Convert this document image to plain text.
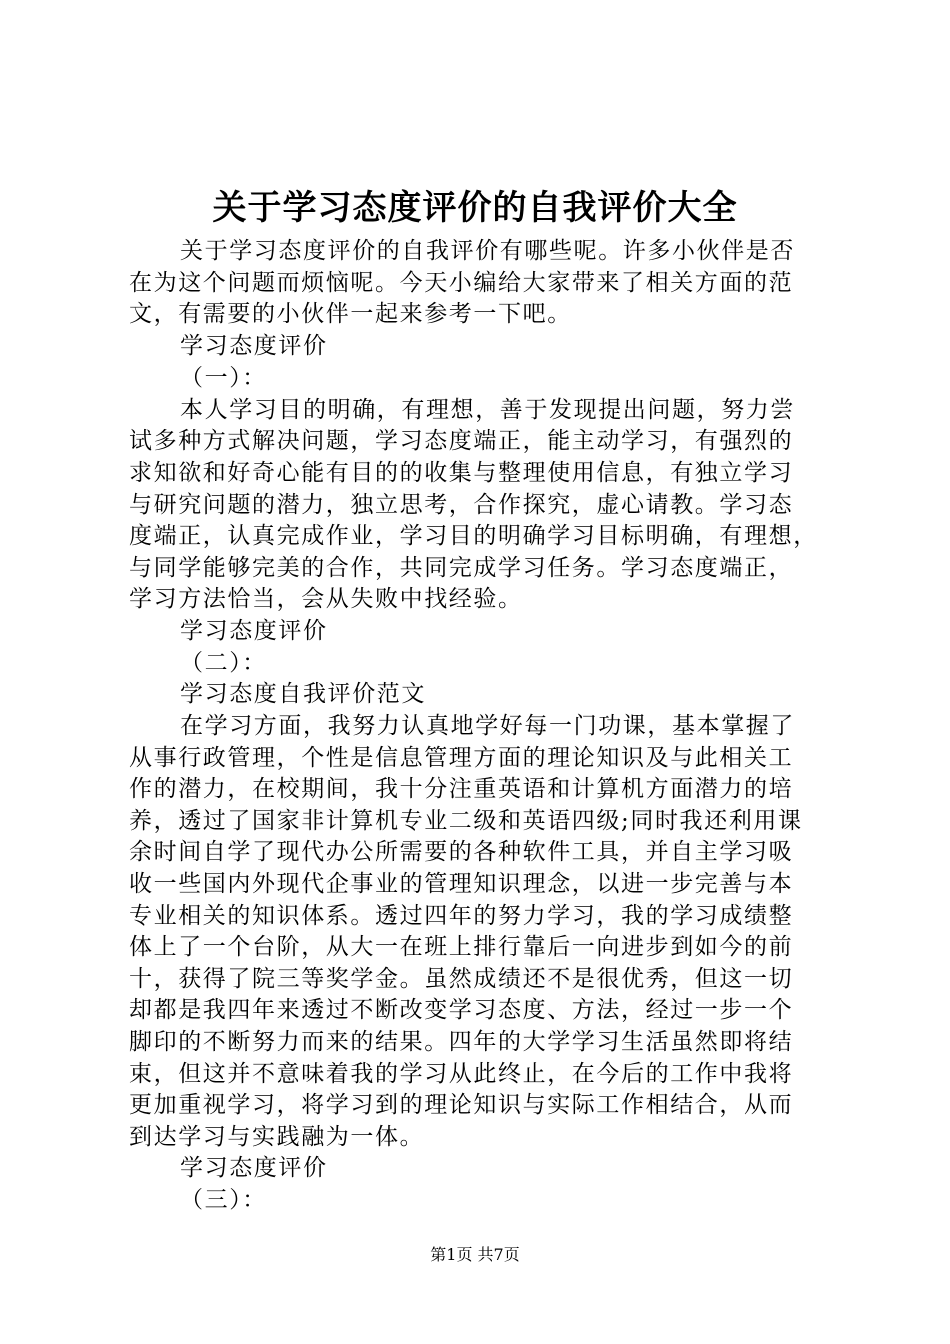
关于学习态度评价的自我评价大全
关于学习态度评价的自我评价有哪些呢。许多小伙伴是否
在为这个问题而烦恼呢。今天小编给大家带来了相关方面的范
文，有需要的小伙伴一起来参考一下吧。
学习态度评价
（一）：
本人学习目的明确，有理想，善于发现提出问题，努力尝
试多种方式解决问题，学习态度端正，能主动学习，有强烈的
求知欲和好奇心能有目的的收集与整理使用信息，有独立学习
与研究问题的潜力，独立思考，合作探究，虚心请教。学习态
度端正，认真完成作业，学习目的明确学习目标明确，有理想，
与同学能够完美的合作，共同完成学习任务。学习态度端正，
学习方法恰当，会从失败中找经验。
学习态度评价
（二）：
学习态度自我评价范文
在学习方面，我努力认真地学好每一门功课，基本掌握了
从事行政管理，个性是信息管理方面的理论知识及与此相关工
作的潜力，在校期间，我十分注重英语和计算机方面潜力的培
养，透过了国家非计算机专业二级和英语四级;同时我还利用课
余时间自学了现代办公所需要的各种软件工具，并自主学习吸
收一些国内外现代企事业的管理知识理念，以进一步完善与本
专业相关的知识体系。透过四年的努力学习，我的学习成绩整
体上了一个台阶，从大一在班上排行靠后一向进步到如今的前
十，获得了院三等奖学金。虽然成绩还不是很优秀，但这一切
却都是我四年来透过不断改变学习态度、方法，经过一步一个
脚印的不断努力而来的结果。四年的大学学习生活虽然即将结
束，但这并不意味着我的学习从此终止，在今后的工作中我将
更加重视学习，将学习到的理论知识与实际工作相结合，从而
到达学习与实践融为一体。
学习态度评价
（三）：
第1页 共7页
